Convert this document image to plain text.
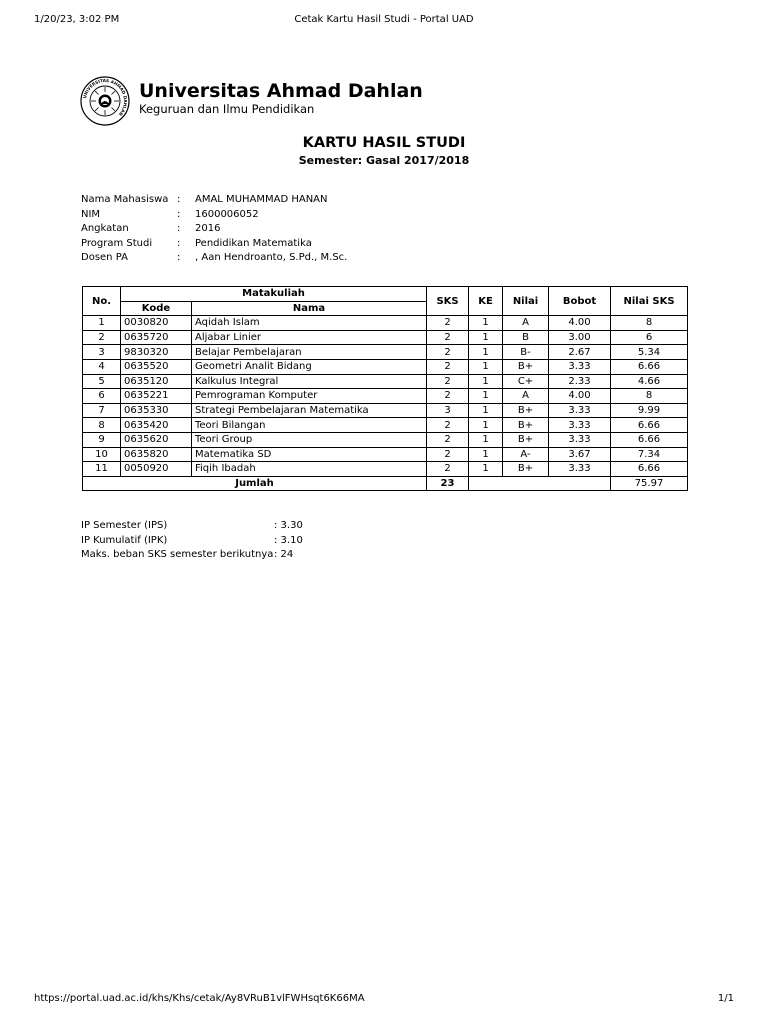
1/20/23, 3:02 PM	Cetak Kartu Hasil Studi - Portal UAD
UNIVERSITAS AHMAD DAHLAN
Universitas Ahmad Dahlan
Keguruan dan Ilmu Pendidikan
KARTU HASIL STUDI
Semester: Gasal 2017/2018
Nama Mahasiswa : AMAL MUHAMMAD HANAN
NIM	: 1600006052
Angkatan	: 2016
Program Studi : Pendidikan Matematika
Dosen PA	: , Aan Hendroanto, S.Pd., M.Sc.
No.	Matakuliah		SKS	KE	Nilai	Bobot	Nilai SKS
	Kode	Nama					
1	0030820	Aqidah Islam	2	1	A	4.00	8
2	0635720	Aljabar Linier	2	1	B	3.00	6
3	9830320	Belajar Pembelajaran	2	1	B-	2.67	5.34
4	0635520	Geometri Analit Bidang	2	1	B+	3.33	6.66
5	0635120	Kalkulus Integral	2	1	C+	2.33	4.66
6	0635221	Pemrograman Komputer	2	1	A	4.00	8
7	0635330	Strategi Pembelajaran Matematika	3	1	B+	3.33	9.99
8	0635420	Teori Bilangan	2	1	B+	3.33	6.66
9	0635620	Teori Group	2	1	B+	3.33	6.66
10	0635820	Matematika SD	2	1	A-	3.67	7.34
11	0050920	Fiqih Ibadah	2	1	B+	3.33	6.66
Jumlah			23				75.97
IP Semester (IPS)	: 3.30
IP Kumulatif (IPK)	: 3.10
Maks. beban SKS semester berikutnya : 24
https://portal.uad.ac.id/khs/Khs/cetak/Ay8VRuB1vlFWHsqt6K66MA	1/1
